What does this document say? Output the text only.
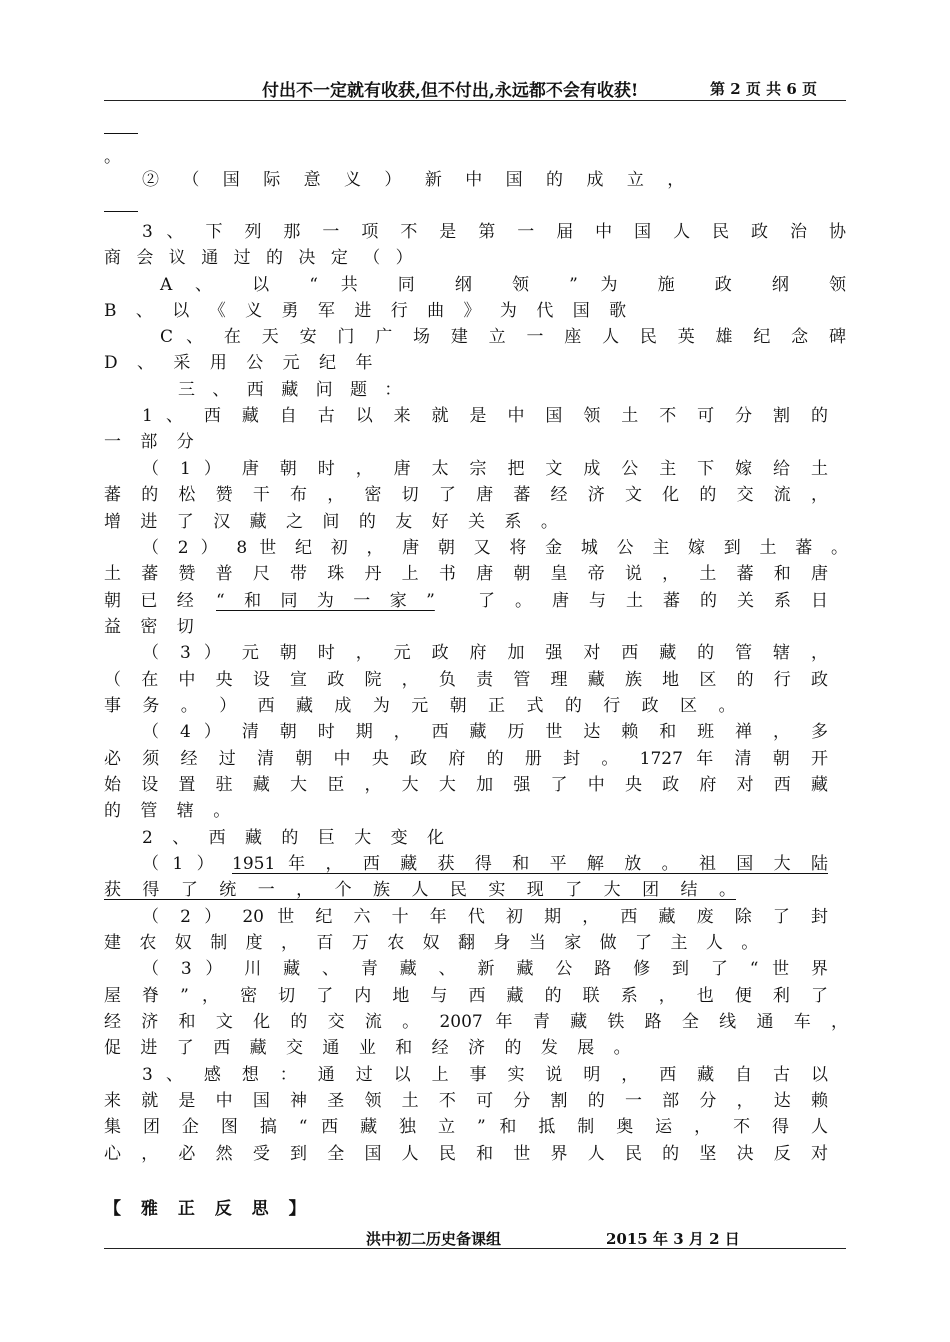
付出不一定就有收获,但不付出,永远都不会有收获!	第 2 页 共 6 页
。
② （ 国 际 意 义 ） 新 中 国 的 成 立 ，
3 、 下 列 那 一 项 不 是 第 一 届 中 国 人 民 政 治 协
商 会 议 通 过 的 决 定 （ ）
A 、 以 “ 共 同 纲 领 ” 为 施 政 纲 领
B 、 以 《 义 勇 军 进 行 曲 》 为 代 国 歌
C 、 在 天 安 门 广 场 建 立 一 座 人 民 英 雄 纪 念 碑
D 、 采 用 公 元 纪 年
三 、 西 藏 问 题 ：
1 、 西 藏 自 古 以 来 就 是 中 国 领 土 不 可 分 割 的
一 部 分
（ 1 ） 唐 朝 时 ， 唐 太 宗 把 文 成 公 主 下 嫁 给 土
蕃 的 松 赞 干 布 ， 密 切 了 唐 蕃 经 济 文 化 的 交 流 ，
增 进 了 汉 藏 之 间 的 友 好 关 系 。
（ 2 ） 8 世 纪 初 ， 唐 朝 又 将 金 城 公 主 嫁 到 土 蕃 。
土 蕃 赞 普 尺 带 珠 丹 上 书 唐 朝 皇 帝 说 ， 土 蕃 和 唐
朝 已 经	“ 和 同 为 一 家 ”	了 。 唐 与 土 蕃 的 关 系 日
益 密 切
（ 3 ） 元 朝 时 ， 元 政 府 加 强 对 西 藏 的 管 辖 ，
（ 在 中 央 设 宣 政 院 ， 负 责 管 理 藏 族 地 区 的 行 政
事 务 。 ） 西 藏 成 为 元 朝 正 式 的 行 政 区 。
（ 4 ） 清 朝 时 期 ， 西 藏 历 世 达 赖 和 班 禅 ， 多
必 须 经 过 清 朝 中 央 政 府 的 册 封 。 1727 年 清 朝 开
始 设 置 驻 藏 大 臣 ， 大 大 加 强 了 中 央 政 府 对 西 藏
的 管 辖 。
2 、 西 藏 的 巨 大 变 化
（ 1 ）	1951 年 ， 西 藏 获 得 和 平 解 放 。 祖 国 大 陆
获 得 了 统 一 ， 个 族 人 民 实 现 了 大 团 结 。
（ 2 ） 20 世 纪 六 十 年 代 初 期 ， 西 藏 废 除 了 封
建 农 奴 制 度 ， 百 万 农 奴 翻 身 当 家 做 了 主 人 。
（ 3 ） 川 藏 、 青 藏 、 新 藏 公 路 修 到 了 “ 世 界
屋 脊 ” ， 密 切 了 内 地 与 西 藏 的 联 系 ， 也 便 利 了
经 济 和 文 化 的 交 流 。 2007 年 青 藏 铁 路 全 线 通 车 ，
促 进 了 西 藏 交 通 业 和 经 济 的 发 展 。
3 、 感 想 ： 通 过 以 上 事 实 说 明 ， 西 藏 自 古 以
来 就 是 中 国 神 圣 领 土 不 可 分 割 的 一 部 分 ， 达 赖
集 团 企 图 搞 “ 西 藏 独 立 ” 和 抵 制 奥 运 ， 不 得 人
心 ， 必 然 受 到 全 国 人 民 和 世 界 人 民 的 坚 决 反 对
【 雅 正 反 思 】
洪中初二历史备课组	2015 年 3 月 2 日
